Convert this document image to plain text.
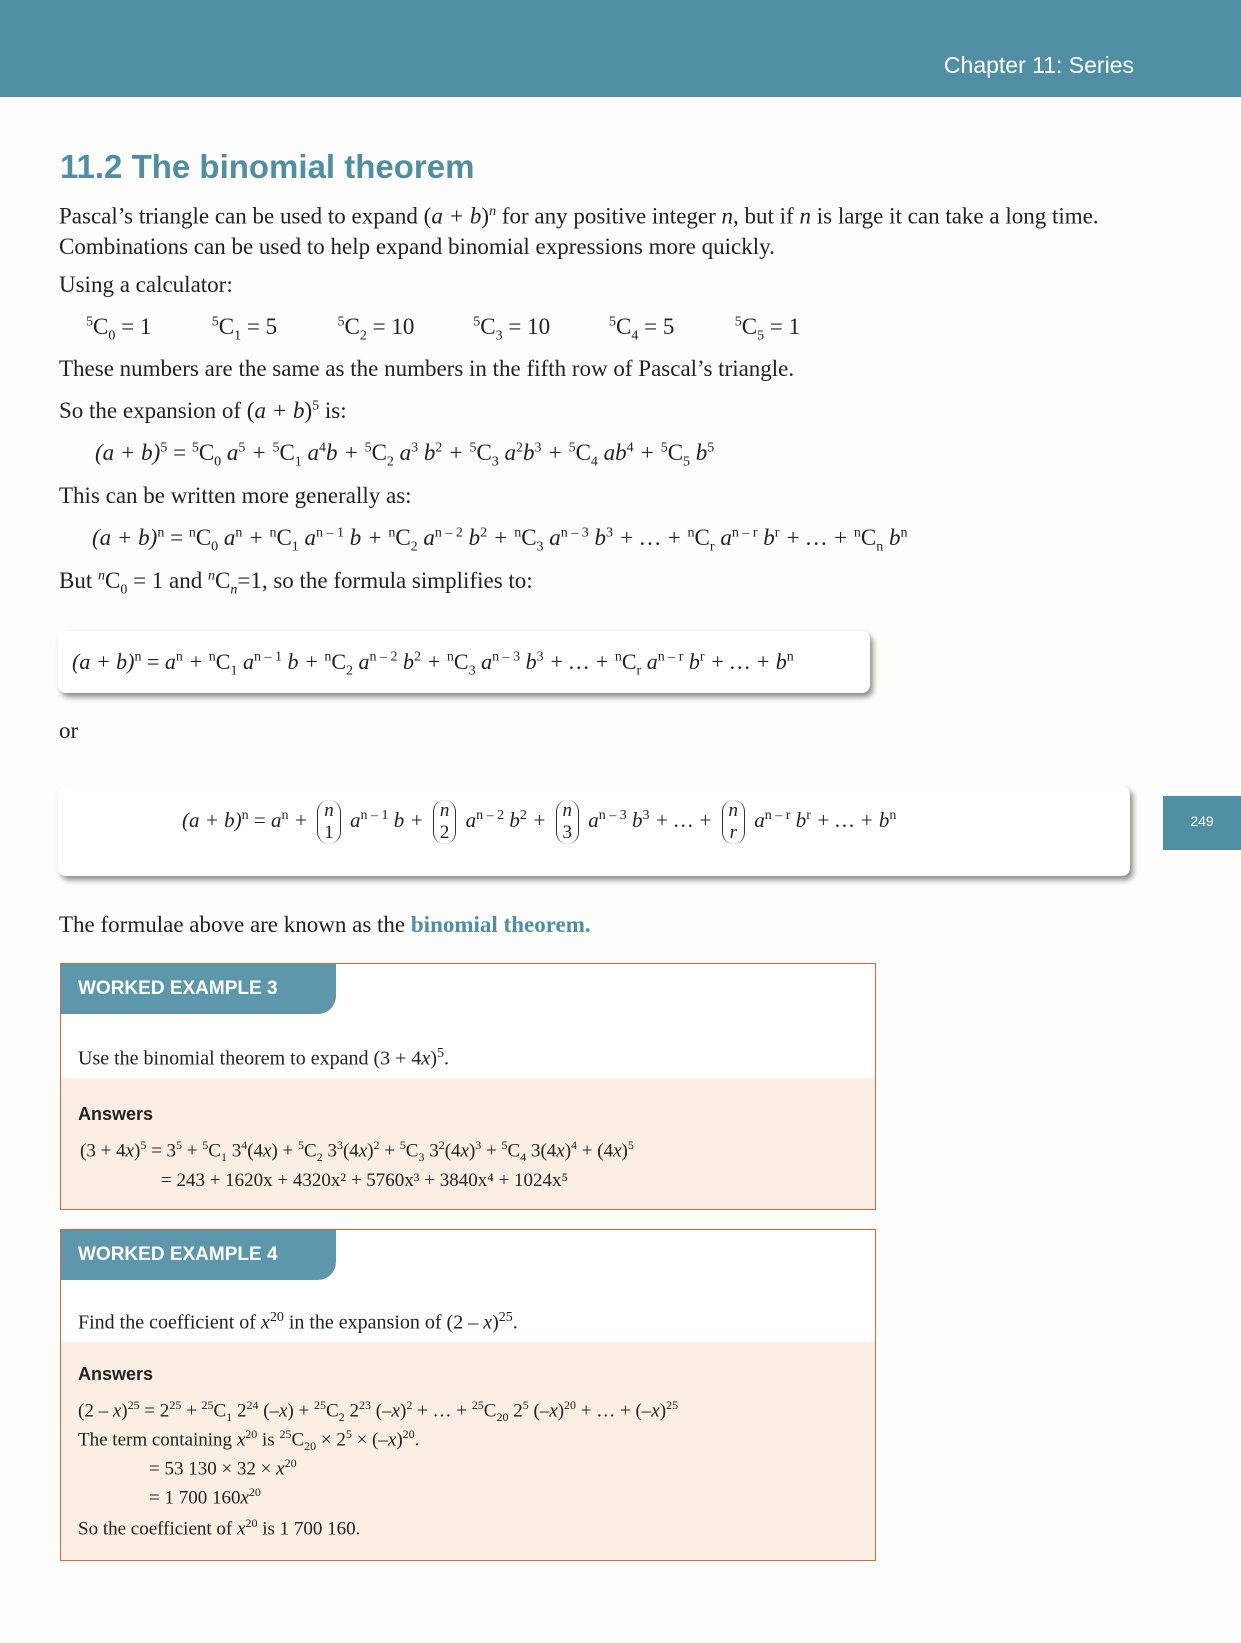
Chapter 11: Series
249
11.2 The binomial theorem
Pascal’s triangle can be used to expand $(a + b)^n$ for any positive integer n, but if n is large it can take a long time. Combinations can be used to help expand binomial expressions more quickly.
Using a calculator:
$^5C_0 = 1$	$^5C_1 = 5$	$^5C_2 = 10$	$^5C_3 = 10$	$^5C_4 = 5$	$^5C_5 = 1$
These numbers are the same as the numbers in the fifth row of Pascal’s triangle.
So the expansion of $(a + b)^5$ is:
$(a + b)^5 = ^5C_0$ $a^5 + ^5C_1$ $a^4b + ^5C_2$ $a^3$ $b^2 + ^5C_3$ $a^2b^3 + ^5C_4$ $ab^4 + ^5C_5$ $b^5$
This can be written more generally as:
$(a + b)^n = ^nC_0$ $a^n + ^nC_1$ $a^{n - 1}$ $b + ^nC_2$ $a^{n - 2}$ $b^2 + ^nC_3$ $a^{n - 3}$ $b^3$ + … + $^nC_r$ $a^{n - r}$ $b^r$ + … + $^nC_n$ $b^n$
But $^nC_0 = 1$ and $^nC_n=1$, so the formula simplifies to:
$(a + b)^n = a^n + ^nC_1$ $a^{n - 1}$ $b + ^nC_2$ $a^{n - 2}$ $b^2 + ^nC_3$ $a^{n - 3}$ $b^3$ + … + $^nC_r$ $a^{n - r}$ $b^r$ + … + $b^n$
or
$(a + b)^n = a^n + n$
1
$a^{n - 1}$ b + n
2
$a^{n - 2}$ $b^2 + n$
3
$a^{n - 3}$ $b^3$ + … + n
r
$a^{n - r}$ $b^r$ + … + $b^n$
The formulae above are known as the binomial theorem.
WORKED EXAMPLE 3
Use the binomial theorem to expand $(3 + 4x)^5$.
Answers
$(3 + 4x)^5 = 3^5 + ^5C_1$ $3^4(4x) + ^5C_2$ $3^3(4x)^2 + ^5C_3$ $3^2(4x)^3 + ^5C_4$ $3(4x)^4 + (4x)^5$
= 243 + 1620x + 4320x² + 5760x³ + 3840x⁴ + 1024x⁵
WORKED EXAMPLE 4
Find the coefficient of $x^{20}$ in the expansion of (2 – x)$^{25}$.
Answers
$(2 - x)^{25} = 2^{25} + ^{25}C_1$ $2^{24}$ $(-x) + ^{25}C_2$ $2^{23}$ $(-x)^2$ + … + $^{25}C_{20}$ $2^5$ $(-x)^{20}$ + … + $(-x)^{25}$
The term containing $x^{20}$ is $^{25}C_{20} \times 2^5 \times (-x)^{20}$.
= 53 $130 \times 32 \times x^{20}$
= 1 700 $160x^{20}$
So the coefficient of $x^{20}$ is 1 700 160.
